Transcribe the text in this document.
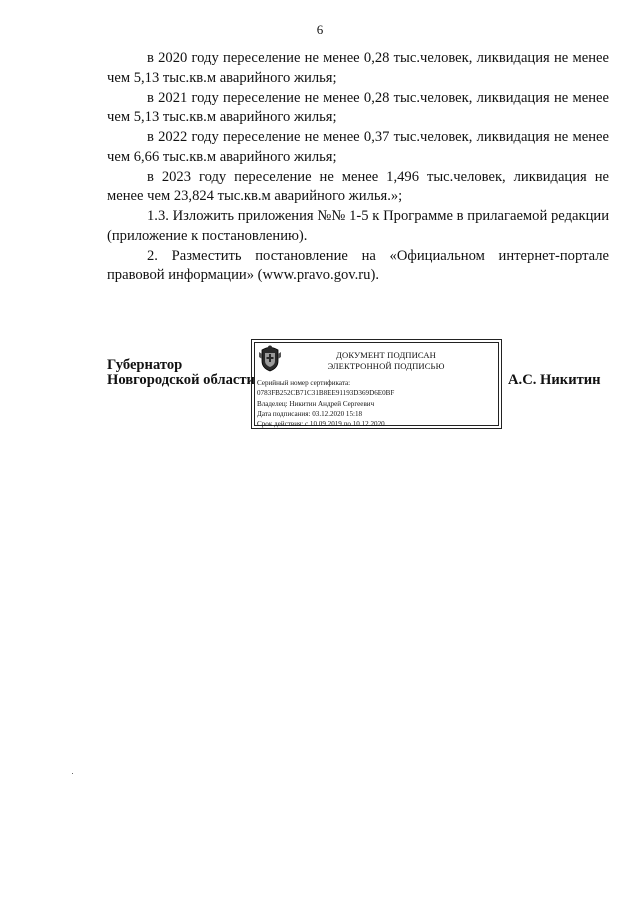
6

в 2020 году переселение не менее 0,28 тыс.человек, ликвидация не менее чем 5,13 тыс.кв.м аварийного жилья;

в 2021 году переселение не менее 0,28 тыс.человек, ликвидация не менее чем 5,13 тыс.кв.м аварийного жилья;

в 2022 году переселение не менее 0,37 тыс.человек, ликвидация не менее чем 6,66 тыс.кв.м аварийного жилья;

в 2023 году переселение не менее 1,496 тыс.человек, ликвидация не менее чем 23,824 тыс.кв.м аварийного жилья.»;

1.3. Изложить приложения №№ 1-5 к Программе в прилагаемой редакции (приложение к постановлению).

2. Разместить постановление на «Официальном интернет-портале правовой информации» (www.pravo.gov.ru).

Губернатор
Новгородской области
ДОКУМЕНТ ПОДПИСАН
ЭЛЕКТРОННОЙ ПОДПИСЬЮ
Серийный номер сертификата:
0783FB252CB71C31B8EE91193D369D6E0BF
Владелец: Никитин Андрей Сергеевич
Дата подписания: 03.12.2020 15:18
Срок действия: с 10.09.2019 по 10.12.2020
А.С. Никитин
